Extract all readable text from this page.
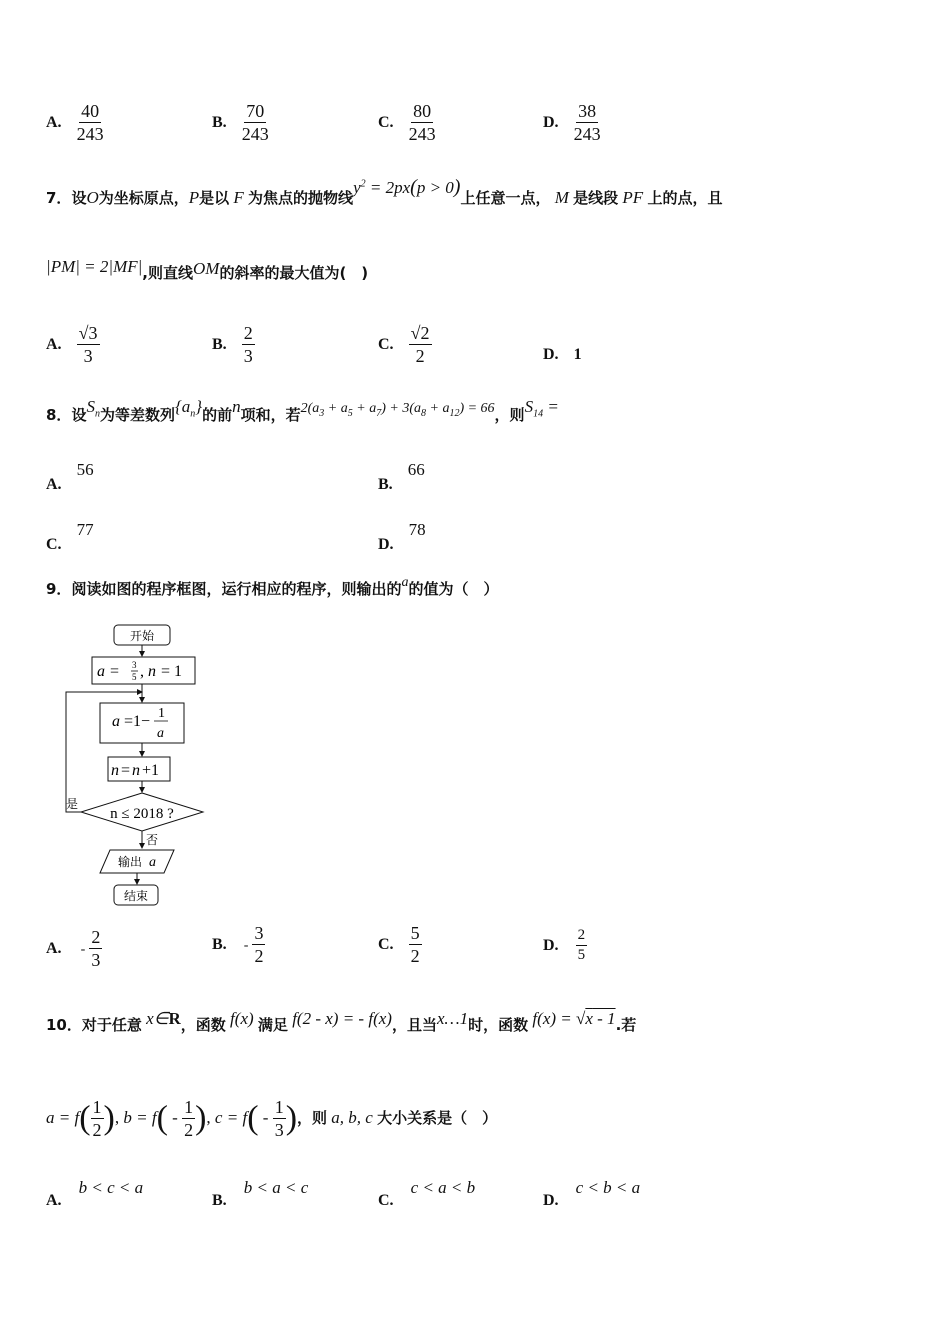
A. $\frac{40}{243}$	B. $\frac{70}{243}$	C. $\frac{80}{243}$	D. $\frac{38}{243}$
7．设O为坐标原点，P是以 F 为焦点的抛物线$y^2 = 2px(p > 0)$上任意一点， M 是线段 PF 上的点，且
|PM| = 2|MF|,则直线OM的斜率的最大值为(　)
A. $\frac{√3}{3}$	B. $\frac{2}{3}$	C. $\frac{√2}{2}$	D. 1
8．设$S_n$为等差数列$\{a_n\}$的前n项和，若$2(a_3 + a_5 + a_7) + 3(a_8 + a_{12}) = 66$，则$S_{14}$ =
A. 56
B. 66
C. 77
D. 78
9．阅读如图的程序框图，运行相应的程序，则输出的a的值为（　）
开始
a = 3
5 , n = 1
a =1− 1
a
n = n +1
n ≤ 2018 ?
是
否
输出 a
结束
A. - $\frac{2}{3}$	B. - $\frac{3}{2}$	C. $\frac{5}{2}$	D. $\frac{2}{5}$
10．对于任意 x∈R，函数 f(x) 满足 f(2 - x) = - f(x)，且当x…1时，函数 f(x) = √x - 1.若
$a = f( \frac{1}{2}$ ), $b = f( - \frac{1}{2}$ ), $c = f( - \frac{1}{3}$ )，则 a, b, c 大小关系是（　）
A. b < c < a
B. b < a < c
C. c < a < b
D. c < b < a
